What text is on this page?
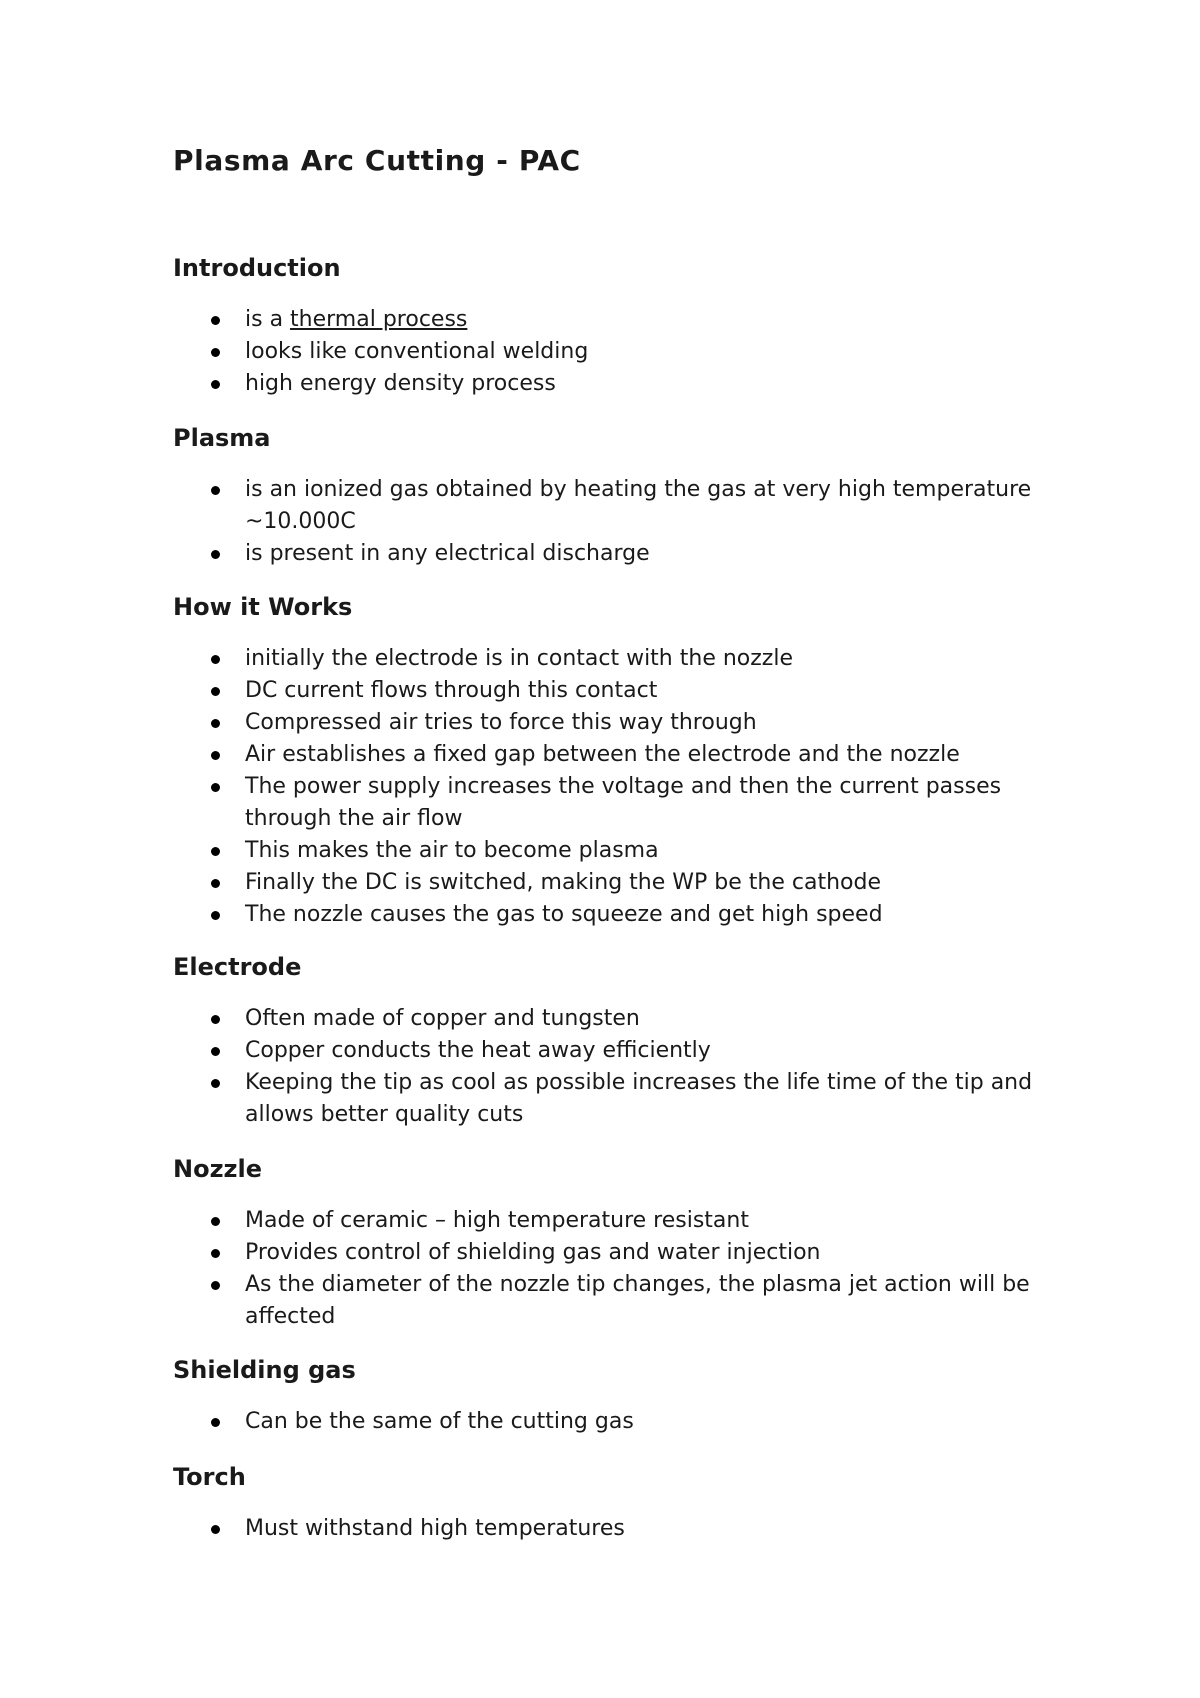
Plasma Arc Cutting - PAC
Introduction
is a thermal process
looks like conventional welding
high energy density process
Plasma
is an ionized gas obtained by heating the gas at very high temperature ~10.000C
is present in any electrical discharge
How it Works
initially the electrode is in contact with the nozzle
DC current flows through this contact
Compressed air tries to force this way through
Air establishes a fixed gap between the electrode and the nozzle
The power supply increases the voltage and then the current passes through the air flow
This makes the air to become plasma
Finally the DC is switched, making the WP be the cathode
The nozzle causes the gas to squeeze and get high speed
Electrode
Often made of copper and tungsten
Copper conducts the heat away efficiently
Keeping the tip as cool as possible increases the life time of the tip and allows better quality cuts
Nozzle
Made of ceramic – high temperature resistant
Provides control of shielding gas and water injection
As the diameter of the nozzle tip changes, the plasma jet action will be affected
Shielding gas
Can be the same of the cutting gas
Torch
Must withstand high temperatures
